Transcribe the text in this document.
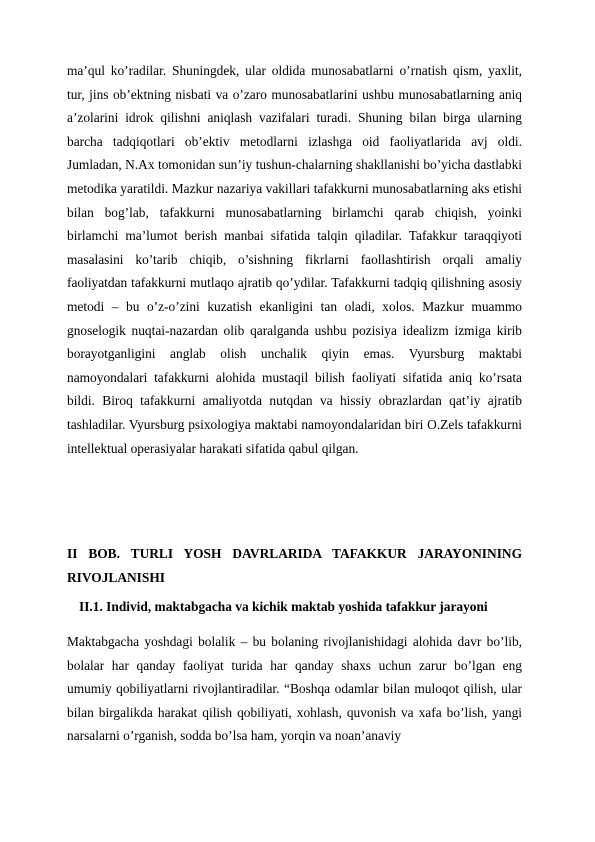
ma’qul ko’radilar. Shuningdek, ular oldida munosabatlarni o’rnatish qism, yaxlit, tur, jins ob’ektning nisbati va o’zaro munosabatlarini ushbu munosabatlarning aniq a’zolarini idrok qilishni aniqlash vazifalari turadi. Shuning bilan birga ularning barcha tadqiqotlari ob’ektiv metodlarni izlashga oid faoliyatlarida avj oldi. Jumladan, N.Ax tomonidan sun’iy tushun-chalarning shakllanishi bo’yicha dastlabki metodika yaratildi. Mazkur nazariya vakillari tafakkurni munosabatlarning aks etishi bilan bog’lab, tafakkurni munosabatlarning birlamchi qarab chiqish, yoinki birlamchi ma’lumot berish manbai sifatida talqin qiladilar. Tafakkur taraqqiyoti masalasini ko’tarib chiqib, o’sishning fikrlarni faollashtirish orqali amaliy faoliyatdan tafakkurni mutlaqo ajratib qo’ydilar. Tafakkurni tadqiq qilishning asosiy metodi – bu o’z-o’zini kuzatish ekanligini tan oladi, xolos. Mazkur muammo gnoselogik nuqtai-nazardan olib qaralganda ushbu pozisiya idealizm izmiga kirib borayotganligini anglab olish unchalik qiyin emas. Vyursburg maktabi namoyondalari tafakkurni alohida mustaqil bilish faoliyati sifatida aniq ko’rsata bildi. Biroq tafakkurni amaliyotda nutqdan va hissiy obrazlardan qat’iy ajratib tashladilar. Vyursburg psixologiya maktabi namoyondalaridan biri O.Zels tafakkurni intellektual operasiyalar harakati sifatida qabul qilgan.

II BOB. TURLI YOSH DAVRLARIDA TAFAKKUR JARAYONINING RIVOJLANISHI
II.1. Individ, maktabgacha va kichik maktab yoshida tafakkur jarayoni

Maktabgacha yoshdagi bolalik – bu bolaning rivojlanishidagi alohida davr bo’lib, bolalar har qanday faoliyat turida har qanday shaxs uchun zarur bo’lgan eng umumiy qobiliyatlarni rivojlantiradilar. “Boshqa odamlar bilan muloqot qilish, ular bilan birgalikda harakat qilish qobiliyati, xohlash, quvonish va xafa bo’lish, yangi narsalarni o’rganish, sodda bo’lsa ham, yorqin va noan’anaviy
